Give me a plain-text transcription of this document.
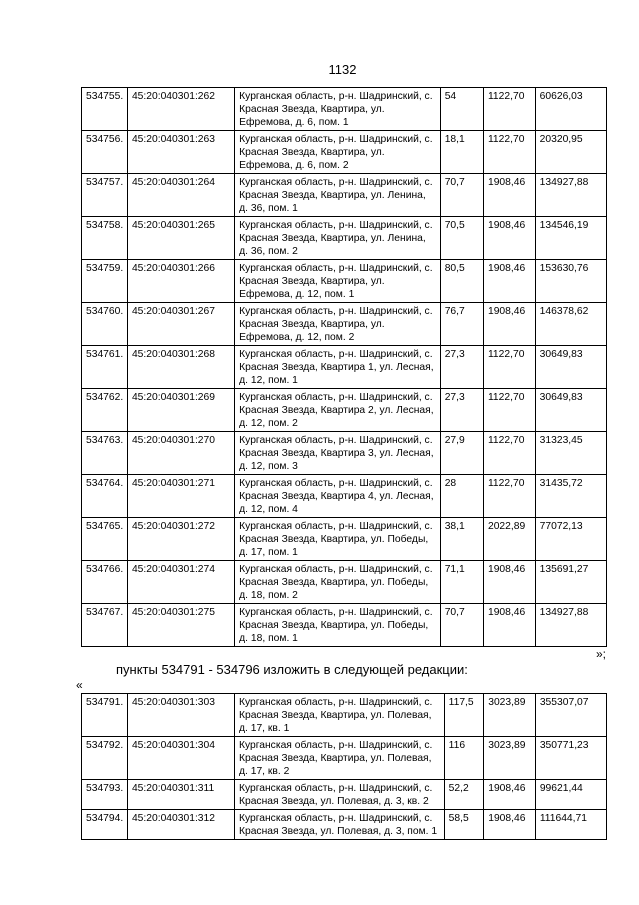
1132
534755.	45:20:040301:262	Курганская область, р-н. Шадринский, с. Красная Звезда, Квартира, ул. Ефремова, д. 6, пом. 1	54	1122,70	60626,03
534756.	45:20:040301:263	Курганская область, р-н. Шадринский, с. Красная Звезда, Квартира, ул. Ефремова, д. 6, пом. 2	18,1	1122,70	20320,95
534757.	45:20:040301:264	Курганская область, р-н. Шадринский, с. Красная Звезда, Квартира, ул. Ленина, д. 36, пом. 1	70,7	1908,46	134927,88
534758.	45:20:040301:265	Курганская область, р-н. Шадринский, с. Красная Звезда, Квартира, ул. Ленина, д. 36, пом. 2	70,5	1908,46	134546,19
534759.	45:20:040301:266	Курганская область, р-н. Шадринский, с. Красная Звезда, Квартира, ул. Ефремова, д. 12, пом. 1	80,5	1908,46	153630,76
534760.	45:20:040301:267	Курганская область, р-н. Шадринский, с. Красная Звезда, Квартира, ул. Ефремова, д. 12, пом. 2	76,7	1908,46	146378,62
534761.	45:20:040301:268	Курганская область, р-н. Шадринский, с. Красная Звезда, Квартира 1, ул. Лесная, д. 12, пом. 1	27,3	1122,70	30649,83
534762.	45:20:040301:269	Курганская область, р-н. Шадринский, с. Красная Звезда, Квартира 2, ул. Лесная, д. 12, пом. 2	27,3	1122,70	30649,83
534763.	45:20:040301:270	Курганская область, р-н. Шадринский, с. Красная Звезда, Квартира 3, ул. Лесная, д. 12, пом. 3	27,9	1122,70	31323,45
534764.	45:20:040301:271	Курганская область, р-н. Шадринский, с. Красная Звезда, Квартира 4, ул. Лесная, д. 12, пом. 4	28	1122,70	31435,72
534765.	45:20:040301:272	Курганская область, р-н. Шадринский, с. Красная Звезда, Квартира, ул. Победы, д. 17, пом. 1	38,1	2022,89	77072,13
534766.	45:20:040301:274	Курганская область, р-н. Шадринский, с. Красная Звезда, Квартира, ул. Победы, д. 18, пом. 2	71,1	1908,46	135691,27
534767.	45:20:040301:275	Курганская область, р-н. Шадринский, с. Красная Звезда, Квартира, ул. Победы, д. 18, пом. 1	70,7	1908,46	134927,88
»;
пункты 534791 - 534796 изложить в следующей редакции:
«
534791.	45:20:040301:303	Курганская область, р-н. Шадринский, с. Красная Звезда, Квартира, ул. Полевая, д. 17, кв. 1	117,5	3023,89	355307,07
534792.	45:20:040301:304	Курганская область, р-н. Шадринский, с. Красная Звезда, Квартира, ул. Полевая, д. 17, кв. 2	116	3023,89	350771,23
534793.	45:20:040301:311	Курганская область, р-н. Шадринский, с. Красная Звезда, ул. Полевая, д. 3, кв. 2	52,2	1908,46	99621,44
534794.	45:20:040301:312	Курганская область, р-н. Шадринский, с. Красная Звезда, ул. Полевая, д. 3, пом. 1	58,5	1908,46	111644,71
